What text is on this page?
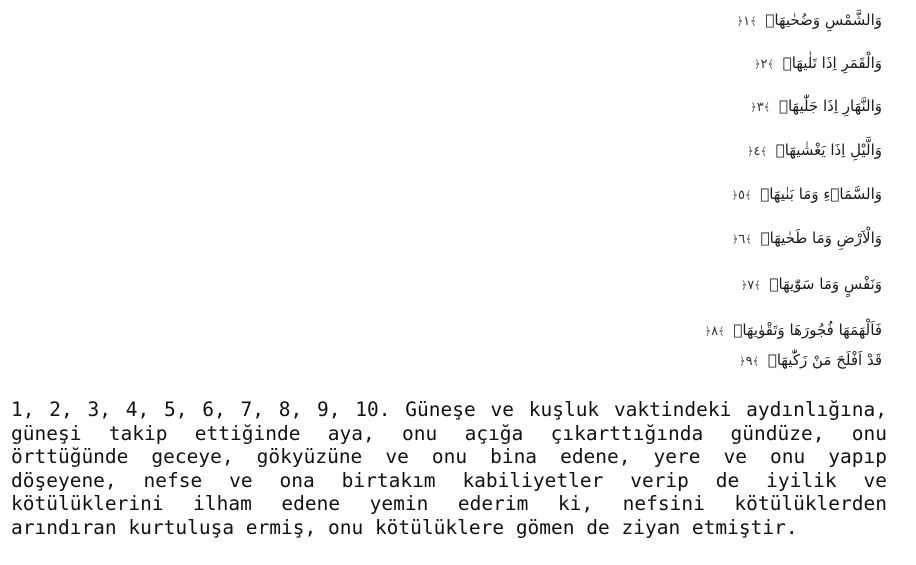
وَالشَّمْسِ وَضُحٰيهَاۙ ﴾١﴿
وَالْقَمَرِ اِذَا تَلٰيهَاۙ ﴾٢﴿
وَالنَّهَارِ اِذَا جَلّٰيهَاۙ ﴾٣﴿
وَالَّيْلِ اِذَا يَغْشٰيهَاۙ ﴾٤﴿
وَالسَّمَاۤءِ وَمَا بَنٰيهَاۙ ﴾٥﴿
وَالْاَرْضِ وَمَا طَحٰيهَاۙ ﴾٦﴿
وَنَفْسٍ وَمَا سَوّٰيهَاۙ ﴾٧﴿
فَاَلْهَمَهَا فُجُورَهَا وَتَقْوٰيهَاۙ ﴾٨﴿
قَدْ اَفْلَحَ مَنْ زَكّٰيهَاۙ ﴾٩﴿
1, 2, 3, 4, 5, 6, 7, 8, 9, 10. Güneşe ve kuşluk vaktindeki aydınlığına,
güneşi takip ettiğinde aya, onu açığa çıkarttığında gündüze, onu
örttüğünde geceye, gökyüzüne ve onu bina edene, yere ve onu yapıp
döşeyene, nefse ve ona birtakım kabiliyetler verip de iyilik ve
kötülüklerini ilham edene yemin ederim ki, nefsini kötülüklerden
arındıran kurtuluşa ermiş, onu kötülüklere gömen de ziyan etmiştir.
